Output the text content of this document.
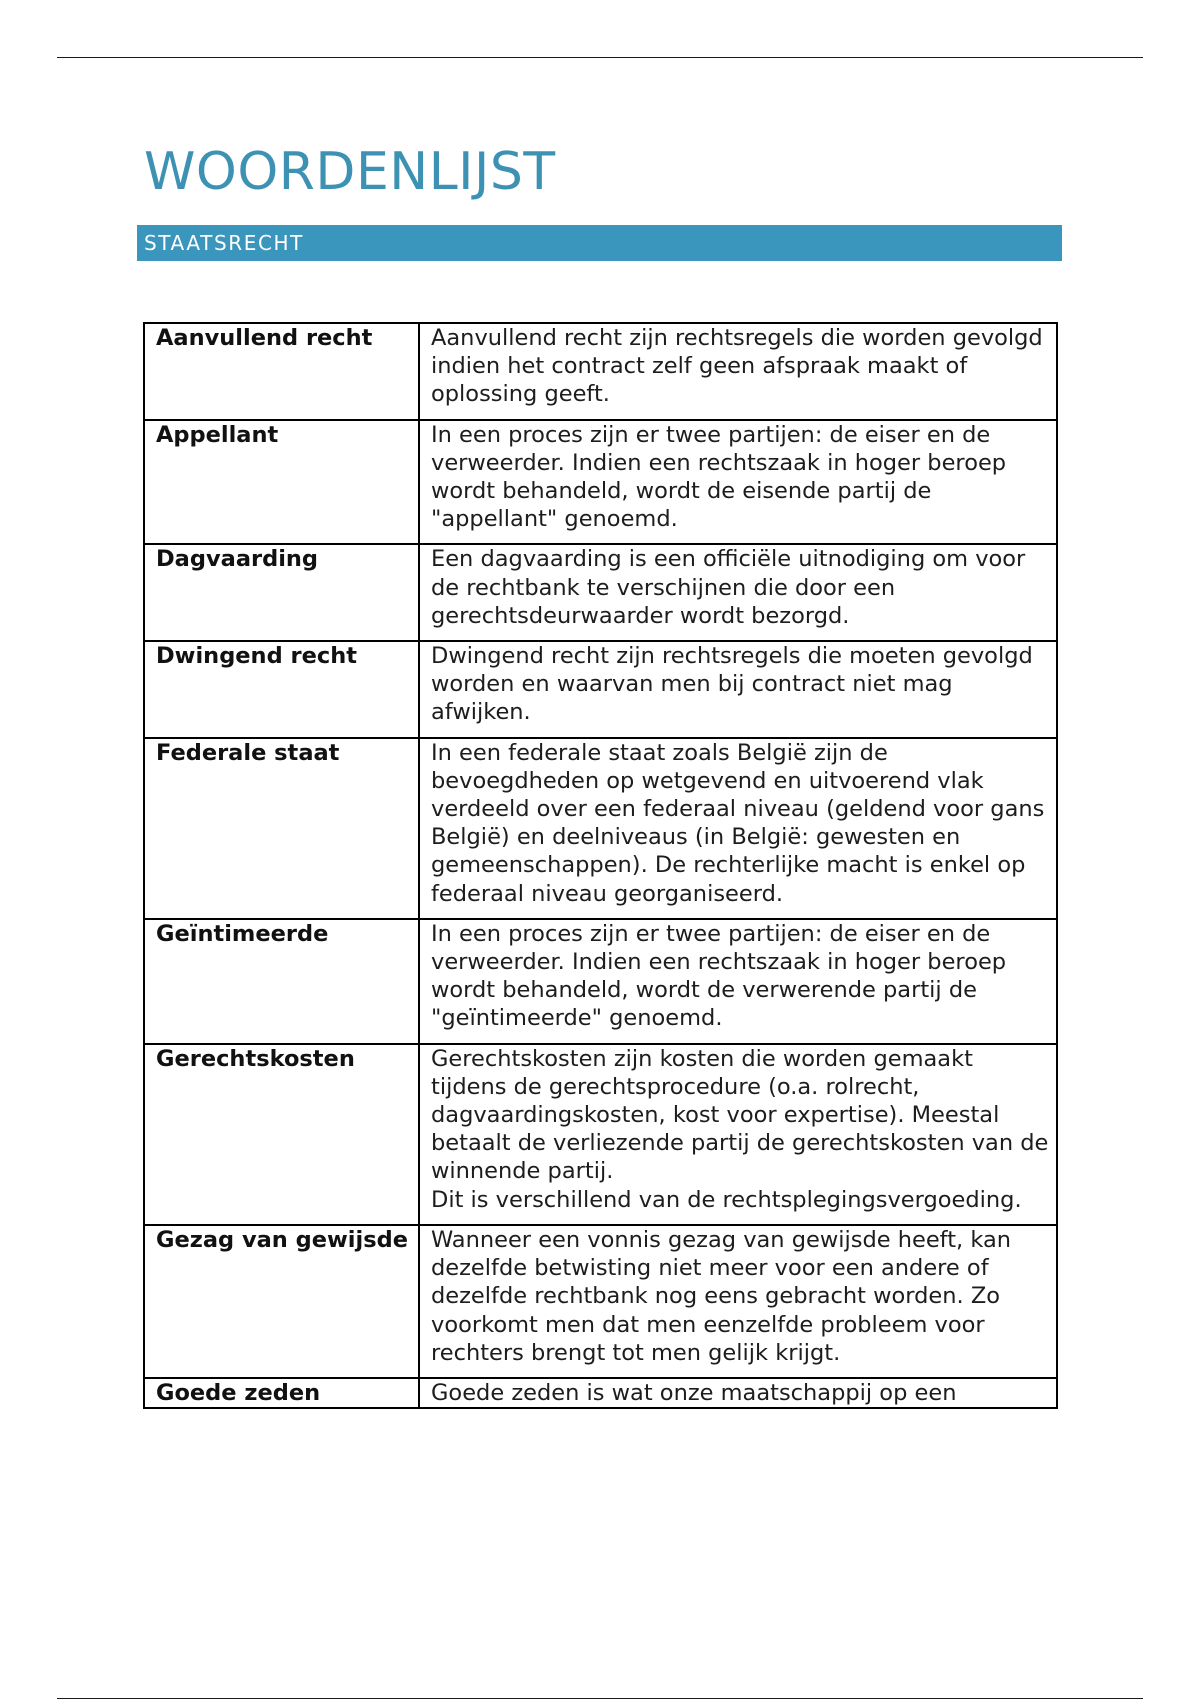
WOORDENLIJST
STAATSRECHT
Aanvullend recht	Aanvullend recht zijn rechtsregels die worden gevolgd indien het contract zelf geen afspraak maakt of oplossing geeft.
Appellant	In een proces zijn er twee partijen: de eiser en de verweerder. Indien een rechtszaak in hoger beroep wordt behandeld, wordt de eisende partij de "appellant" genoemd.
Dagvaarding	Een dagvaarding is een officiële uitnodiging om voor de rechtbank te verschijnen die door een gerechtsdeurwaarder wordt bezorgd.
Dwingend recht	Dwingend recht zijn rechtsregels die moeten gevolgd worden en waarvan men bij contract niet mag afwijken.
Federale staat	In een federale staat zoals België zijn de bevoegdheden op wetgevend en uitvoerend vlak verdeeld over een federaal niveau (geldend voor gans België) en deelniveaus (in België: gewesten en gemeenschappen). De rechterlijke macht is enkel op federaal niveau georganiseerd.
Geïntimeerde	In een proces zijn er twee partijen: de eiser en de verweerder. Indien een rechtszaak in hoger beroep wordt behandeld, wordt de verwerende partij de "geïntimeerde" genoemd.
Gerechtskosten	Gerechtskosten zijn kosten die worden gemaakt tijdens de gerechtsprocedure (o.a. rolrecht, dagvaardingskosten, kost voor expertise). Meestal betaalt de verliezende partij de gerechtskosten van de winnende partij.
Dit is verschillend van de rechtsplegingsvergoeding.
Gezag van gewijsde	Wanneer een vonnis gezag van gewijsde heeft, kan dezelfde betwisting niet meer voor een andere of dezelfde rechtbank nog eens gebracht worden. Zo voorkomt men dat men eenzelfde probleem voor rechters brengt tot men gelijk krijgt.
Goede zeden	Goede zeden is wat onze maatschappij op een
